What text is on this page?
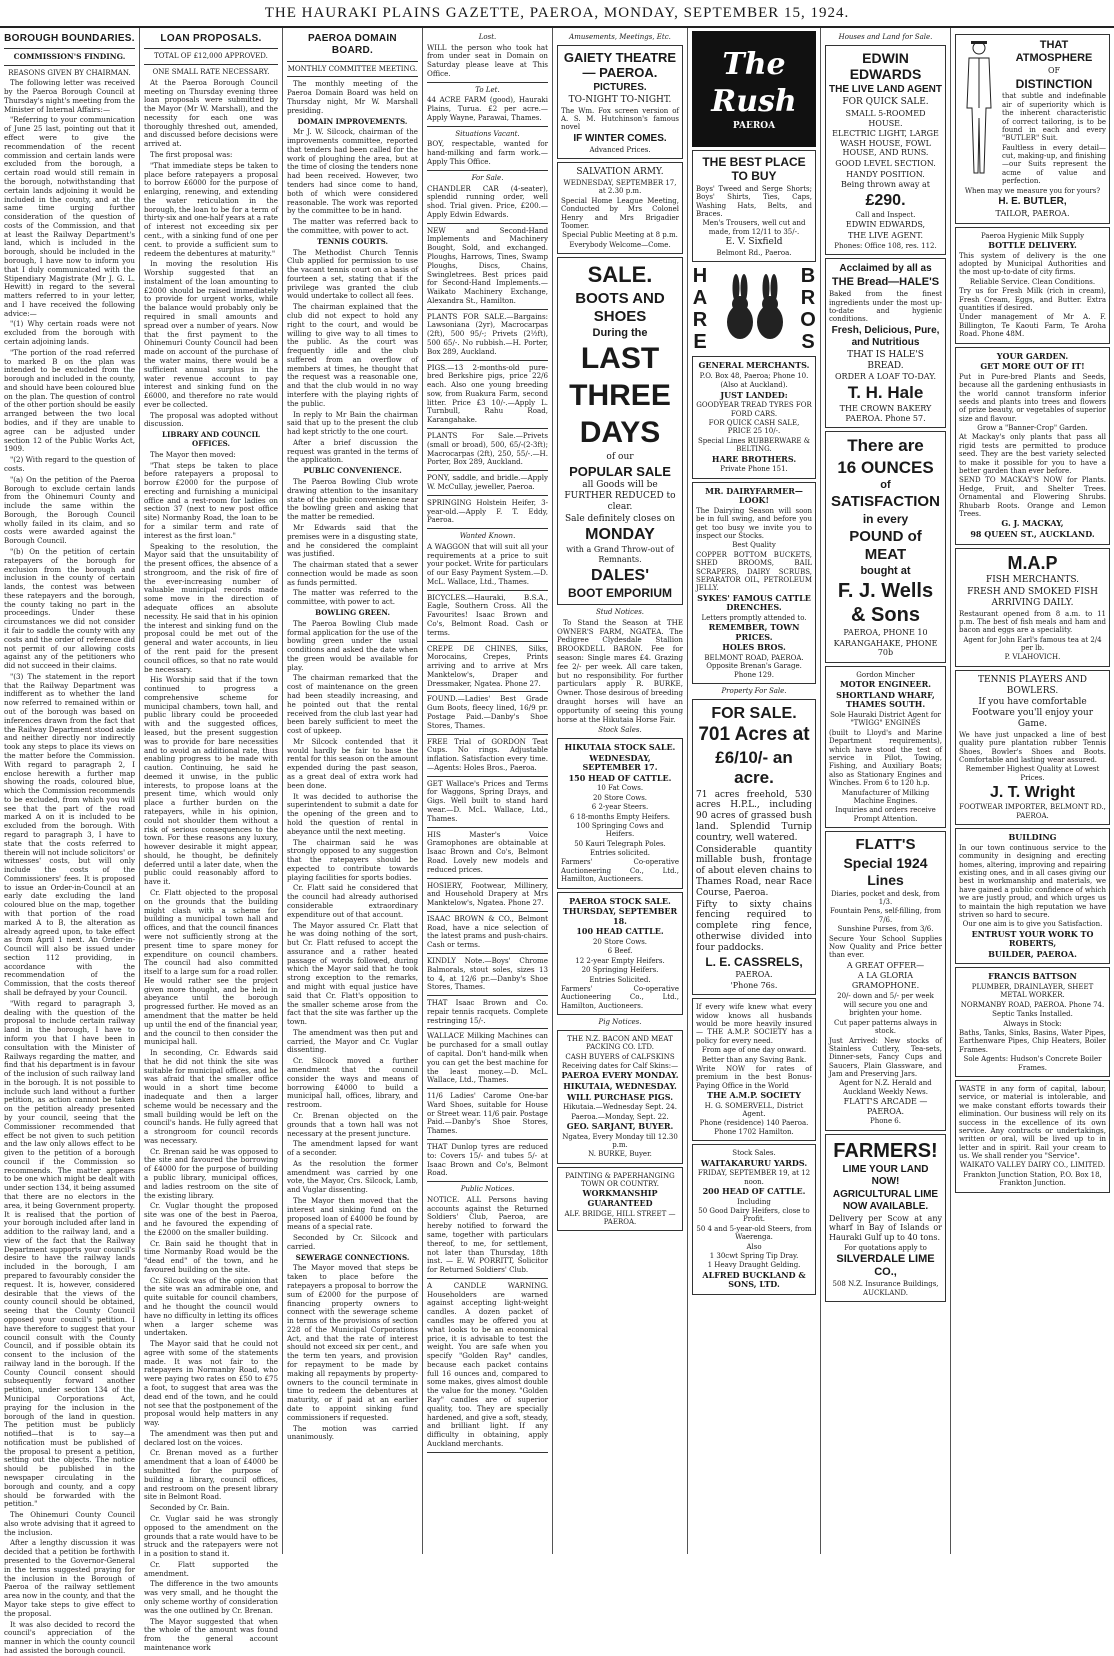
THE HAURAKI PLAINS GAZETTE, PAEROA, MONDAY, SEPTEMBER 15, 1924.
BOROUGH BOUNDARIES.
COMMISSION'S FINDING.
REASONS GIVEN BY CHAIRMAN.

The following letter was received by the Paeroa Borough Council at Thursday's night's meeting from the Minister of Internal Affairs:—

"Referring to your communication of June 25 last, pointing out that it effect were to give the recommendation of the recent commission and certain lands were excluded from the borough, a certain road would still remain in the borough, notwithstanding that certain lands adjoining it would be included in the county, and at the same time urging further consideration of the question of costs of the Commission, and that at least the Railway Department's land, which is included in the borough, should be included in the borough, I have now to inform you that I duly communicated with the Stipendiary Magistrate (Mr J. G. L. Hewitt) in regard to the several matters referred to in your letter, and I have received the following advice:—

"(1) Why certain roads were not excluded from the borough with certain adjoining lands.

"The portion of the road referred to marked B on the plan was intended to be excluded from the borough and included in the county, and should have been coloured blue on the plan. The question of control of the other portion should be easily arranged between the two local bodies, and if they are unable to agree can be adjusted under section 12 of the Public Works Act, 1909.

"(2) With regard to the question of costs.

"(a) On the petition of the Paeroa Borough to exclude certain lands from the Ohinemuri County and include the same within the Borough, the Borough Council wholly failed in its claim, and so costs were awarded against the Borough Council.

"(b) On the petition of certain ratepayers of the borough for exclusion from the borough and inclusion in the county of certain lands, the contest was between these ratepayers and the borough, the county taking no part in the proceedings. Under these circumstances we did not consider it fair to saddle the county with any costs and the order of reference did not permit of our allowing costs against any of the petitioners who did not succeed in their claims.

"(3) The statement in the report that the Railway Department was indifferent as to whether the land now referred to remained within or out of the borough was based on inferences drawn from the fact that the Railway Department stood aside and neither directly nor indirectly took any steps to place its views on the matter before the Commission. With regard to paragraph 2, I enclose herewith a further map showing the roads, coloured blue, which the Commission recommends to be excluded, from which you will see that the part of the road marked A on it is included to be excluded from the borough. With regard to paragraph 3, I have to state that the costs referred to therein will not include solicitors' or witnesses' costs, but will only include the costs of the Commissioners' fees. It is proposed to issue an Order-in-Council at an early date excluding the land coloured blue on the map, together with that portion of the road marked A to B, the alteration as already agreed upon, to take effect as from April 1 next. An Order-in-Council will also be issued under section 112 providing, in accordance with the recommendation of the Commission, that the costs thereof shall be defrayed by your Council.

"With regard to paragraph 3, dealing with the question of the proposal to include certain railway land in the borough, I have to inform you that I have been in consultation with the Minister of Railways regarding the matter, and find that his department is in favour of the inclusion of such railway land in the borough. It is not possible to include such land without a further petition, as action cannot be taken on the petition already presented by your council, seeing that the Commissioner recommended that effect be not given to such petition and the law only allows effect to be given to the petition of a borough council if the Commission so recommends. The matter appears to be one which might be dealt with under section 134, it being assumed that there are no electors in the area, it being Government property. It is realised that the portion of your borough included after land in addition to the railway land, and a view of the fact that the Railway Department supports your council's desire to have the railway lands included in the borough, I am prepared to favourably consider the request. It is, however, considered desirable that the views of the county council should be obtained, seeing that the County Council opposed your council's petition. I have therefore to suggest that your council consult with the County Council, and if possible obtain its consent to the inclusion of the railway land in the borough. If the County Council consent should subsequently forward another petition, under section 134 of the Municipal Corporations Act, praying for the inclusion in the borough of the land in question. The petition must be publicly notified—that is to say—a notification must be published of the proposal to present a petition, setting out the objects. The notice should be published in the newspaper circulating in the borough and county, and a copy should be forwarded with the petition."

The Ohinemuri County Council also wrote advising that it agreed to the inclusion.

After a lengthy discussion it was decided that a petition be forthwith presented to the Governor-General in the terms suggested praying for the inclusion in the Borough of Paeroa of the railway settlement area now in the county, and that the Mayor take steps to give effect to the proposal.

It was also decided to record the council's appreciation of the manner in which the county council had assisted the borough council.

LOAN PROPOSALS.
TOTAL OF £12,000 APPROVED.
ONE SMALL RATE NECESSARY.

At the Paeroa Borough Council meeting on Thursday evening three loan proposals were submitted by the Mayor (Mr W. Marshall), and the necessity for each one was thoroughly threshed out, amended, and discussed before decisions were arrived at.

The first proposal was:

"That immediate steps be taken to place before ratepayers a proposal to borrow £6000 for the purpose of enlarging, renewing, and extending the water reticulation in the borough, the loan to be for a term of thirty-six and one-half years at a rate of interest not exceeding six per cent., with a sinking fund of one per cent. to provide a sufficient sum to redeem the debentures at maturity."

In moving the resolution His Worship suggested that an instalment of the loan amounting to £2000 should be raised immediately to provide for urgent works, while the balance would probably only be required in small amounts and spread over a number of years. Now that the first payment to the Ohinemuri County Council had been made on account of the purchase of the water mains, there would be a sufficient annual surplus in the water revenue account to pay interest and sinking fund on the £6000, and therefore no rate would ever be collected.

The proposal was adopted without discussion.

LIBRARY AND COUNCIL OFFICES.

The Mayor then moved:

"That steps be taken to place before ratepayers a proposal to borrow £2000 for the purpose of erecting and furnishing a municipal office and a rest-room for ladies on section 37 (next to new post office site) Normanby Road, the loan to be for a similar term and rate of interest as the first loan."

Speaking to the resolution, the Mayor said that the unsuitability of the present offices, the absence of a strongroom, and the risk of fire of the ever-increasing number of valuable municipal records made some move in the direction of adequate offices an absolute necessity. He said that in his opinion the interest and sinking fund on the proposal could be met out of the general and water accounts, in lieu of the rent paid for the present council offices, so that no rate would be necessary.

His Worship said that if the town continued to progress a comprehensive scheme for municipal chambers, town hall, and public library could be proceeded with and the suggested offices, leased, but the present suggestion was to provide for bare necessities and to avoid an additional rate, thus enabling progress to be made with caution. Continuing, he said he deemed it unwise, in the public interests, to propose loans at the present time, which would only place a further burden on the ratepayers, while in his opinion, could not shoulder them without a risk of serious consequences to the town. For these reasons any luxury, however desirable it might appear, should, he thought, be definitely deferred until a later date, when the public could reasonably afford to have it.

Cr. Flatt objected to the proposal on the grounds that the building might clash with a scheme for building a municipal town hall and offices, and that the council finances were not sufficiently strong at the present time to spare money for expenditure on council chambers. The council had also committed itself to a large sum for a road roller. He would rather see the project given more thought, and be held in abeyance until the borough progressed further. He moved as an amendment that the matter be held up until the end of the financial year, and the council to then consider the municipal hall.

In seconding, Cr. Edwards said that he did not think the site was suitable for municipal offices, and he was afraid that the smaller office would in a short time become inadequate and then a larger scheme would be necessary and the small building would be left on the council's hands. He fully agreed that a strongroom for council records was necessary.

Cr. Brenan said he was opposed to the site and favoured the borrowing of £4000 for the purpose of building a public library, municipal offices, and ladies restroom on the site of the existing library.

Cr. Vuglar thought the proposed site was one of the best in Paeroa, and he favoured the expending of the £2000 on the smaller building.

Cr. Bain said he thought that in time Normanby Road would be the "dead end" of the town, and he favoured building on the site.

Cr. Silcock was of the opinion that the site was an admirable one, and quite suitable for council chambers, and he thought the council would have no difficulty in letting its offices when a larger scheme was undertaken.

The Mayor said that he could not agree with some of the statements made. It was not fair to the ratepayers in Normanby Road, who were paying two rates on £50 to £75 a foot, to suggest that area was the dead end of the town, and he could not see that the postponement of the proposal would help matters in any way.

The amendment was then put and declared lost on the voices.

Cr. Brenan moved as a further amendment that a loan of £4000 be submitted for the purpose of building a library, council offices, and restroom on the present library site in Belmont Road.

Seconded by Cr. Bain.

Cr. Vuglar said he was strongly opposed to the amendment on the grounds that a rate would have to be struck and the ratepayers were not in a position to stand it.

Cr. Flatt supported the amendment.

The difference in the two amounts was very small, and he thought the only scheme worthy of consideration was the one outlined by Cr. Brenan.

The Mayor suggested that when the whole of the amount was found from the general account maintenance work

PAEROA DOMAIN BOARD.
MONTHLY COMMITTEE MEETING.

The monthly meeting of the Paeroa Domain Board was held on Thursday night, Mr W. Marshall presiding.

DOMAIN IMPROVEMENTS.

Mr J. W. Silcock, chairman of the improvements committee, reported that tenders had been called for the work of ploughing the area, but at the time of closing the tenders none had been received. However, two tenders had since come to hand, both of which were considered reasonable. The work was reported by the committee to be in hand.

The matter was referred back to the committee, with power to act.

TENNIS COURTS.

The Methodist Church Tennis Club applied for permission to use the vacant tennis court on a basis of fourteen a set, stating that if the privilege was granted the club would undertake to collect all fees.

The chairman explained that the club did not expect to hold any right to the court, and would be willing to give way to all times to the public. As the court was frequently idle and the club suffered from an overflow of members at times, he thought that the request was a reasonable one, and that the club would in no way interfere with the playing rights of the public.

In reply to Mr Bain the chairman said that up to the present the club had kept strictly to the one court.

After a brief discussion the request was granted in the terms of the application.

PUBLIC CONVENIENCE.

The Paeroa Bowling Club wrote drawing attention to the insanitary state of the public convenience near the bowling green and asking that the matter be remedied.

Mr Edwards said that the premises were in a disgusting state, and he considered the complaint was justified.

The chairman stated that a sewer connection would be made as soon as funds permitted.

The matter was referred to the committee, with power to act.

BOWLING GREEN.

The Paeroa Bowling Club made formal application for the use of the bowling green under the usual conditions and asked the date when the green would be available for play.

The chairman remarked that the cost of maintenance on the green had been steadily increasing, and he pointed out that the rental received from the club last year had been barely sufficient to meet the cost of upkeep.

Mr Silcock contended that it would hardly be fair to base the rental for this season on the amount expended during the past season, as a great deal of extra work had been done.

It was decided to authorise the superintendent to submit a date for the opening of the green and to hold the question of rental in abeyance until the next meeting.

The chairman said he was strongly opposed to any suggestion that the ratepayers should be expected to contribute towards playing facilities for sports bodies.

Cr. Flatt said he considered that the council had already authorised considerable extraordinary expenditure out of that account.

The Mayor assured Cr. Flatt that he was doing nothing of the sort, but Cr. Flatt refused to accept the assurance and a rather heated passage of words followed, during which the Mayor said that he took strong exception to the remarks, and might with equal justice have said that Cr. Flatt's opposition to the smaller scheme arose from the fact that the site was farther up the town.

The amendment was then put and carried, the Mayor and Cr. Vuglar dissenting.

Cr. Silcock moved a further amendment that the council consider the ways and means of borrowing £4000 to build a municipal hall, offices, library, and restroom.

Cr. Brenan objected on the grounds that a town hall was not necessary at the present juncture.

The amendment lapsed for want of a seconder.

As the resolution the former amendment was carried by one vote, the Mayor, Crs. Silcock, Lamb, and Vuglar dissenting.

The Mayor then moved that the interest and sinking fund on the proposed loan of £4000 be found by means of a special rate.

Seconded by Cr. Silcock and carried.

SEWERAGE CONNECTIONS.

The Mayor moved that steps be taken to place before the ratepayers a proposal to borrow the sum of £2000 for the purpose of financing property owners to connect with the sewerage scheme in terms of the provisions of section 228 of the Municipal Corporations Act, and that the rate of interest should not exceed six per cent., and the term ten years, and provision for repayment to be made by making all repayments by property-owners to the council terminate in time to redeem the debentures at maturity, or if paid at an earlier date to appoint sinking fund commissioners if requested.

The motion was carried unanimously.

Lost.

WILL the person who took hat from under seat in Domain on Saturday please leave at This Office.

To Let.

44 ACRE FARM (good), Hauraki Plains, Turua. £2 per acre.—Apply Wayne, Parawai, Thames.

Situations Vacant.

BOY, respectable, wanted for hand-milking and farm work.—Apply This Office.

For Sale.

CHANDLER CAR (4-seater), splendid running order, well shod. Trial given. Price, £200.—Apply Edwin Edwards.

NEW and Second-Hand Implements and Machinery Bought, Sold, and exchanged. Ploughs, Harrows, Tines, Swamp Ploughs, Discs, Chains, Swingletrees. Best prices paid for Second-Hand Implements.—Waikato Machinery Exchange, Alexandra St., Hamilton.

PLANTS FOR SALE.—Bargains: Lawsoniana (2yr), Macrocarpas (2ft), 500 95/-; Privets (2½ft), 500 65/-. No rubbish.—H. Porter, Box 289, Auckland.

PIGS.—13 2-months-old pure-bred Berkshire pigs, price 22/6 each. Also one young breeding sow, from Ruakura Farm, second litter. Price £3 10/-.—Apply L. Turnbull, Rahu Road, Karangahake.

PLANTS For Sale.—Privets (small or broad), 500, 65/-(2-3ft); Macrocarpas (2ft), 250, 55/-.—H. Porter, Box 289, Auckland.

PONY, saddle, and bridle.—Apply W. McCullay, jeweller, Paeroa.

SPRINGING Holstein Heifer, 3-year-old.—Apply F. T. Eddy, Paeroa.

Wanted Known.

A WAGGON that will suit all your requirements at a price to suit your pocket. Write for particulars of our Easy Payment System.—D. McL. Wallace, Ltd., Thames.

BICYCLES.—Hauraki, B.S.A., Eagle, Southern Cross. All the Favourites! Isaac Brown and Co's, Belmont Road. Cash or terms.

CREPE DE CHINES, Silks, Morocains, Crepes, Prints arriving and to arrive at Mrs Manktelow's, Draper and Dressmaker, Ngatea. Phone 27.

FOUND.—Ladies' Best Grade Gum Boots, fleecy lined, 16/9 pr. Postage Paid.—Danby's Shoe Stores, Thames.

FREE Trial of GORDON Teat Cups. No rings. Adjustable inflation. Satisfaction every time.—Agents: Holes Bros., Paeroa.

GET Wallace's Prices and Terms for Waggons, Spring Drays, and Gigs. Well built to stand hard wear.—D. McL. Wallace, Ltd., Thames.

HIS Master's Voice Gramophones are obtainable at Isaac Brown and Co's, Belmont Road. Lovely new models and reduced prices.

HOSIERY, Footwear, Millinery, and Household Drapery at Mrs Manktelow's, Ngatea. Phone 27.

ISAAC BROWN & CO., Belmont Road, have a nice selection of the latest prams and push-chairs. Cash or terms.

KINDLY Note.—Boys' Chrome Balmorals, stout soles, sizes 13 to 4, at 12/6 pr.—Danby's Shoe Stores, Thames.

THAT Isaac Brown and Co. repair tennis racquets. Complete restringing 15/-.

WALLACE Milking Machines can be purchased for a small outlay of capital. Don't hand-milk when you can get the best machine for the least money.—D. McL. Wallace, Ltd., Thames.

11/6 Ladies' Carome One-bar Ward Shoes, suitable for House or Street wear. 11/6 pair. Postage Paid.—Danby's Shoe Stores, Thames.

THAT Dunlop tyres are reduced to: Covers 15/- and tubes 5/- at Isaac Brown and Co's, Belmont Road.

Public Notices.

NOTICE. ALL Persons having accounts against the Returned Soldiers' Club, Paeroa, are hereby notified to forward the same, together with particulars thereof, to me, for settlement, not later than Thursday, 18th inst. — E. W. PORRITT, Solicitor for Returned Soldiers' Club.

A CANDLE WARNING. Householders are warned against accepting light-weight candles. A dozen packet of candles may be offered you at what looks to be an economical price, it is advisable to test the weight. You are safe when you specify "Golden Ray" candles, because each packet contains full 16 ounces and, compared to some makes, gives almost double the value for the money. "Golden Ray" candles are of superior quality, too. They are specially hardened, and give a soft, steady, and brilliant light. If any difficulty in obtaining, apply Auckland merchants.

Amusements, Meetings, Etc.
GAIETY THEATRE — PAEROA.
PICTURES.
TO-NIGHT TO-NIGHT.
The Wm. Fox screen version of A. S. M. Hutchinson's famous novel
IF WINTER COMES.
Advanced Prices.
SALVATION ARMY.
WEDNESDAY, SEPTEMBER 17, at 2.30 p.m.
Special Home League Meeting, Conducted by Mrs Colonel Henry and Mrs Brigadier Toomer.
Special Public Meeting at 8 p.m.
Everybody Welcome—Come.
SALE.
BOOTS AND SHOES
During the
LAST
THREE
DAYS
of our
POPULAR SALE
all Goods will be FURTHER REDUCED to clear.
Sale definitely closes on
MONDAY
with a Grand Throw-out of Remnants.
DALES'
BOOT EMPORIUM
Stud Notices.

To Stand the Season at THE OWNER'S FARM, NGATEA. The Pedigree Clydesdale Stallion BROOKDELL BARON. Fee for season: Single mares £4. Grazing fee 2/- per week. All care taken, but no responsibility. For further particulars apply R. BURKE, Owner. Those desirous of breeding draught horses will have an opportunity of seeing this young horse at the Hikutaia Horse Fair.

Stock Sales.
HIKUTAIA STOCK SALE.
WEDNESDAY, SEPTEMBER 17.
150 HEAD OF CATTLE.
10 Fat Cows.
20 Store Cows.
6 2-year Steers.
6 18-months Empty Heifers.
100 Springing Cows and Heifers.
50 Kauri Telegraph Poles.
Entries solicited.
Farmers' Co-operative Auctioneering Co., Ltd., Hamilton, Auctioneers.
PAEROA STOCK SALE.
THURSDAY, SEPTEMBER 18.
100 HEAD CATTLE.
20 Store Cows.
6 Beef.
12 2-year Empty Heifers.
20 Springing Heifers.
Entries Solicited.
Farmers' Co-operative Auctioneering Co., Ltd., Hamilton, Auctioneers.
Pig Notices.
THE N.Z. BACON AND MEAT PACKING CO. LTD.
CASH BUYERS of CALFSKINS
Receiving dates for Calf Skins:—
PAEROA EVERY MONDAY.
HIKUTAIA, WEDNESDAY.
WILL PURCHASE PIGS.
Hikutaia.—Wednesday Sept. 24.
Paeroa.—Monday, Sept. 22.
GEO. SARJANT, BUYER.
Ngatea, Every Monday till 12.30 p.m.
N. BURKE, Buyer.
PAINTING & PAPERHANGING TOWN OR COUNTRY.
WORKMANSHIP GUARANTEED
ALF. BRIDGE, HILL STREET — PAEROA.
The Rush
PAEROA
THE BEST PLACE TO BUY
Boys' Tweed and Serge Shorts; Boys' Shirts, Ties, Caps, Washing Hats, Belts, and Braces.
Men's Trousers, well cut and made, from 12/11 to 35/-.
E. V. Sixfield
Belmont Rd., Paeroa.
H
A
R
E
B
R
O
S
GENERAL MERCHANTS.
P.O. Box 48, Paeroa; Phone 10.
(Also at Auckland).
JUST LANDED:
GOODYEAR TREAD TYRES FOR FORD CARS.
FOR QUICK CASH SALE, PRICE 25 10/-.
Special Lines RUBBERWARE & BELTING.
HARE BROTHERS.
Private Phone 151.
MR. DAIRYFARMER—LOOK!
The Dairying Season will soon be in full swing, and before you get too busy we invite you to inspect our Stocks.
Best Quality
COPPER BOTTOM BUCKETS, SHED BROOMS, BAIL SCRAPERS, DAIRY SCRUBS, SEPARATOR OIL, PETROLEUM JELLY.
SYKES' FAMOUS CATTLE DRENCHES.
Letters promptly attended to.
REMEMBER, TOWN PRICES.
HOLES BROS.
BELMONT ROAD, PAEROA. Opposite Brenan's Garage. Phone 129.
Property For Sale.
FOR SALE.
701 Acres at
£6/10/- an acre.
71 acres freehold, 530 acres H.P.L., including 90 acres of grassed bush land. Splendid Turnip country, well watered.
Considerable quantity millable bush, frontage of about eleven chains to Thames Road, near Race Course, Paeroa.
Fifty to sixty chains fencing required to complete ring fence, otherwise divided into four paddocks.
L. E. CASSRELS,
PAEROA.
'Phone 76s.
If every wife knew what every widow knows all husbands would be more heavily insured — THE A.M.P. SOCIETY has a policy for every need.
From age of one day onward.
Better than any Saving Bank.
Write NOW for rates of premium in the best Bonus-Paying Office in the World
THE A.M.P. SOCIETY
H. G. SOMERVELL, District Agent.
Phone (residence) 140 Paeroa. Phone 1702 Hamilton.
Stock Sales.
WAITAKARURU YARDS.
FRIDAY, SEPTEMBER 19, at 12 noon.
200 HEAD OF CATTLE.
Including
50 Good Dairy Heifers, close to Profit.
50 4 and 5-year-old Steers, from Waerenga.
Also
1 30cwt Spring Tip Dray.
1 Heavy Draught Gelding.
ALFRED BUCKLAND & SONS, LTD.
Houses and Land for Sale.
EDWIN EDWARDS
THE LIVE LAND AGENT
FOR QUICK SALE.
SMALL 5-ROOMED HOUSE.
ELECTRIC LIGHT, LARGE WASH HOUSE, FOWL HOUSE, AND RUNS.
GOOD LEVEL SECTION.
HANDY POSITION.
Being thrown away at
£290.
Call and Inspect.
EDWIN EDWARDS,
THE LIVE AGENT.
Phones: Office 108, res. 112.
Acclaimed by all as
THE Bread—HALE'S
Baked from the finest ingredients under the most up-to-date and hygienic conditions.
Fresh, Delicious, Pure, and Nutritious
THAT IS HALE'S BREAD.
ORDER A LOAF TO-DAY.
T. H. Hale
THE CROWN BAKERY PAEROA. Phone 57.
There are
16 OUNCES
of
SATISFACTION
in every
POUND of MEAT
bought at
F. J. Wells & Sons
PAEROA, PHONE 10
KARANGAHAKE, PHONE 70b
Gordon Mincher
MOTOR ENGINEER.
SHORTLAND WHARF, THAMES SOUTH.
Sole Hauraki District Agent for "TWIGG" ENGINES
(built to Lloyd's and Marine Department requirements), which have stood the test of service in Pilot, Towing, Fishing, and Auxiliary Boats; also as Stationary Engines and Winches. From 6 to 120 h.p.
Manufacturer of Milking Machine Engines.
Inquiries and orders receive Prompt Attention.
FLATT'S
Special 1924 Lines
Diaries, pocket and desk, from 1/3.
Fountain Pens, self-filling, from 7/6.
Sunshine Purses, from 3/6.
Secure Your School Supplies Now Quality and Price better than ever.
A GREAT OFFER—
A LA GLORIA GRAMOPHONE.
20/- down and 5/- per week
will secure you one and brighten your home.
Cut paper patterns always in stock.
Just Arrived: New stocks of Stainless Cutlery, Tea-sets, Dinner-sets, Fancy Cups and Saucers, Plain Glassware, and Jam and Preserving Jars.
Agent for N.Z. Herald and Auckland Weekly News.
FLATT'S ARCADE — PAEROA.
Phone 6.
FARMERS!
LIME YOUR LAND NOW!
AGRICULTURAL LIME NOW AVAILABLE.
Delivery per Scow at any wharf in Bay of Islands or Hauraki Gulf up to 40 tons.
For quotations apply to
SILVERDALE LIME CO.,
508 N.Z. Insurance Buildings, AUCKLAND.
THAT ATMOSPHERE
OF
DISTINCTION
that subtle and indefinable air of superiority which is the inherent characteristic of correct tailoring, is to be found in each and every "BUTLER" Suit.
Faultless in every detail—cut, making-up, and finishing—our Suits represent the acme of value and perfection.
When may we measure you for yours?
H. E. BUTLER,
TAILOR, PAEROA.
Paeroa Hygienic Milk Supply
BOTTLE DELIVERY.
This system of delivery is the one adopted by Municipal Authorities and the most up-to-date of city firms.
Reliable Service. Clean Conditions.
Try us for Fresh Milk (rich in cream), Fresh Cream, Eggs, and Butter. Extra quantities if desired.
Under management of Mr A. F. Billington, Te Kaouti Farm, Te Aroha Road. Phone 48M.
YOUR GARDEN.
GET MORE OUT OF IT!
Put in Pure-bred Plants and Seeds, because all the gardening enthusiasts in the world cannot transform inferior seeds and plants into trees and flowers of prize beauty, or vegetables of superior size and flavour.
Grow a "Banner-Crop" Garden.
At Mackay's only plants that pass all rigid tests are permitted to produce seed. They are the best variety selected to make it possible for you to have a better garden than ever before.
SEND TO MACKAY'S NOW for Plants. Hedge, Fruit, and Shelter Trees. Ornamental and Flowering Shrubs. Rhubarb Roots. Orange and Lemon Trees.
G. J. MACKAY,
98 QUEEN ST., AUCKLAND.
M.A.P
FISH MERCHANTS.
FRESH AND SMOKED FISH ARRIVING DAILY.
Restaurant opened from 8 a.m. to 11 p.m. The best of fish meals and ham and bacon and eggs are a speciality.
Agent for John Earl's famous tea at 2/4 per lb.
P. VLAHOVICH.
TENNIS PLAYERS AND BOWLERS.
If you have comfortable Footware you'll enjoy your Game.
We have just unpacked a line of best quality pure plantation rubber Tennis Shoes, Bowler's Shoes and Boots. Comfortable and lasting wear assured.
Remember Highest Quality at Lowest Prices.
J. T. Wright
FOOTWEAR IMPORTER, BELMONT RD., PAEROA.
BUILDING
In our town continuous service to the community in designing and erecting homes, altering, improving and repairing existing ones, and in all cases giving our best in workmanship and materials, we have gained a public confidence of which we are justly proud, and which urges us to maintain the high reputation we have striven so hard to secure.
Our one aim is to give you Satisfaction.
ENTRUST YOUR WORK TO ROBERTS,
BUILDER, PAEROA.
FRANCIS BATTSON
PLUMBER, DRAINLAYER, SHEET METAL WORKER.
NORMANBY ROAD, PAEROA. Phone 74.
Septic Tanks Installed.
Always in Stock:
Baths, Tanks, Sinks, Basins, Water Pipes, Earthenware Pipes, Chip Heaters, Boiler Frames.
Sole Agents: Hudson's Concrete Boiler Frames.
WASTE in any form of capital, labour, service, or material is intolerable, and we make constant efforts towards their elimination. Our business will rely on its success in the excellence of its own service. Any contracts or undertakings, written or oral, will be lived up to in letter and in spirit. Rail your cream to us. We shall render you "Service".
WAIKATO VALLEY DAIRY CO., LIMITED.
Frankton Junction Station, P.O. Box 18, Frankton Junction.
